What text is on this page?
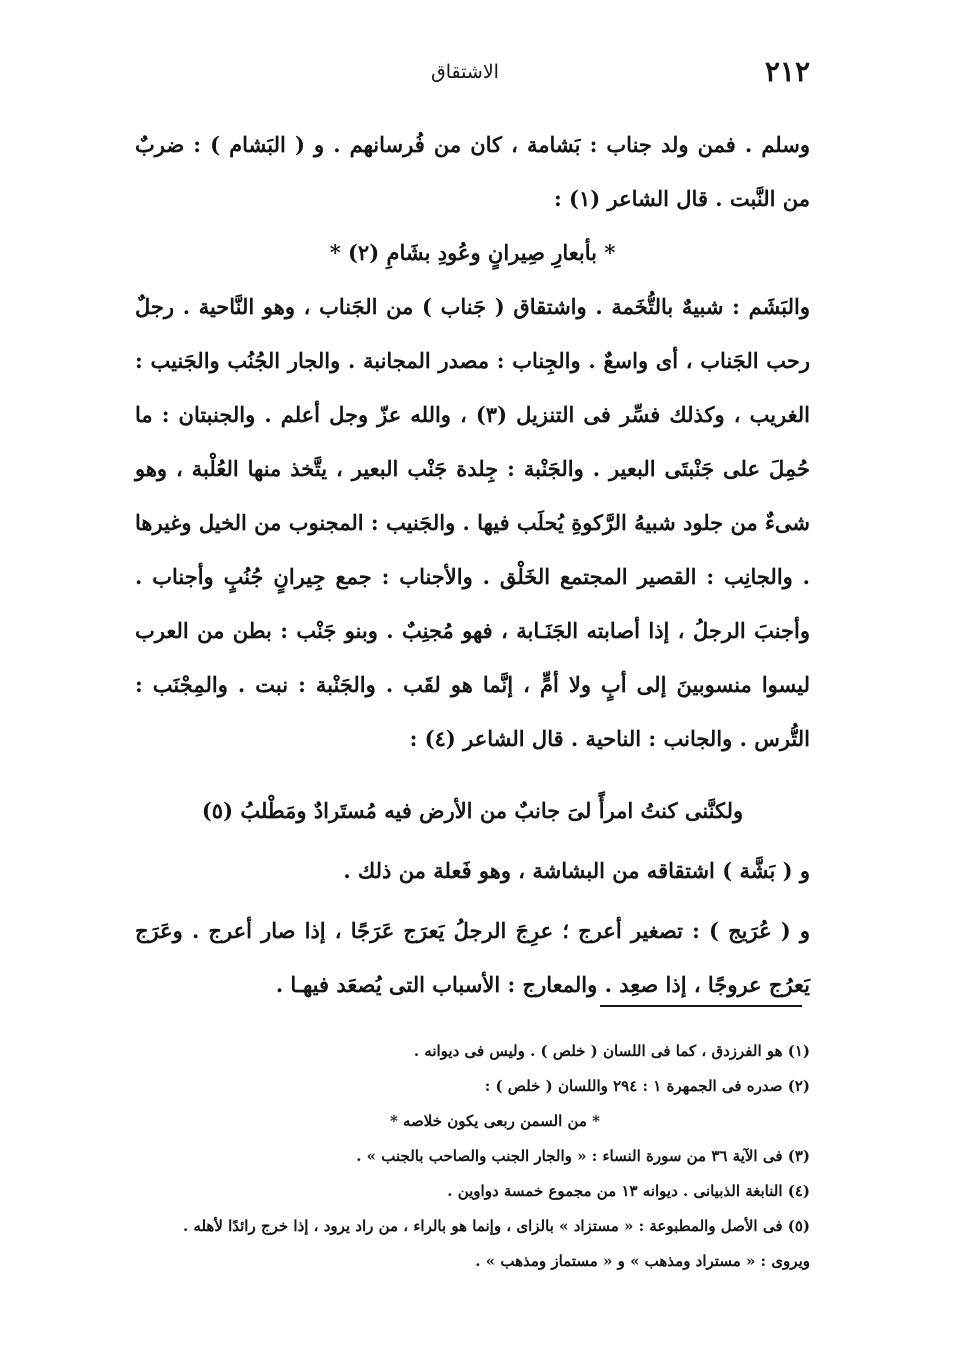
٢١٢
الاشتقاق

وسلم . فمن ولد جناب : بَشامة ، كان من فُرسانهم . و ( البَشام ) : ضربٌ من النَّبت . قال الشاعر (١) :

* بأبعارِ صِيرانٍ وعُودِ بشَامِ (٢) *

والبَشَم : شبيهٌ بالتُّخَمة . واشتقاق ( جَناب ) من الجَناب ، وهو النَّاحية . رجلٌ رحب الجَناب ، أى واسعٌ . والجِناب : مصدر المجانبة . والجار الجُنُب والجَنيب : الغريب ، وكذلك فسِّر فى التنزيل (٣) ، والله عزّ وجل أعلم . والجنبتان : ما حُمِلَ على جَنْبتَى البعير . والجَنْبة : جِلدة جَنْب البعير ، يتَّخذ منها العُلْبة ، وهو شىءٌ من جلود شبيهُ الرَّكوةِ يُحلَب فيها . والجَنيب : المجنوب من الخيل وغيرها . والجانِب : القصير المجتمع الخَلْق . والأجناب : جمع جِيرانٍ جُنُبٍ وأجناب . وأجنبَ الرجلُ ، إذا أصابته الجَنَـابة ، فهو مُجنِبٌ . وبنو جَنْب : بطن من العرب ليسوا منسوبينَ إلى أبٍ ولا أمٍّ ، إنَّما هو لقَب . والجَنْبة : نبت . والمِجْنَب : التُّرس . والجانب : الناحية . قال الشاعر (٤) :

ولكنَّنى كنتُ امرأً لىَ جانبٌ من الأرض فيه مُستَرادٌ ومَطْلبُ (٥)

و ( بَشَّة ) اشتقاقه من البشاشة ، وهو فَعلة من ذلك .

و ( عُرَيج ) : تصغير أعرج ؛ عرِجَ الرجلُ يَعرَج عَرَجًا ، إذا صار أعرج . وعَرَج يَعرُج عروجًا ، إذا صعِد . والمعارج : الأسباب التى يُصعَد فيهـا .

(١) هو الفرزدق ، كما فى اللسان ( خلص ) . وليس فى ديوانه .

(٢) صدره فى الجمهرة ١ : ٢٩٤ واللسان ( خلص ) :

* من السمن ربعى يكون خلاصه *

(٣) فى الآية ٣٦ من سورة النساء : « والجار الجنب والصاحب بالجنب » .

(٤) النابغة الذبيانى . ديوانه ١٣ من مجموع خمسة دواوين .

(٥) فى الأصل والمطبوعة : « مستزاد » بالزاى ، وإنما هو بالراء ، من راد يرود ، إذا خرج رائدًا لأهله . ويروى : « مستراد ومذهب » و « مستماز ومذهب » .
